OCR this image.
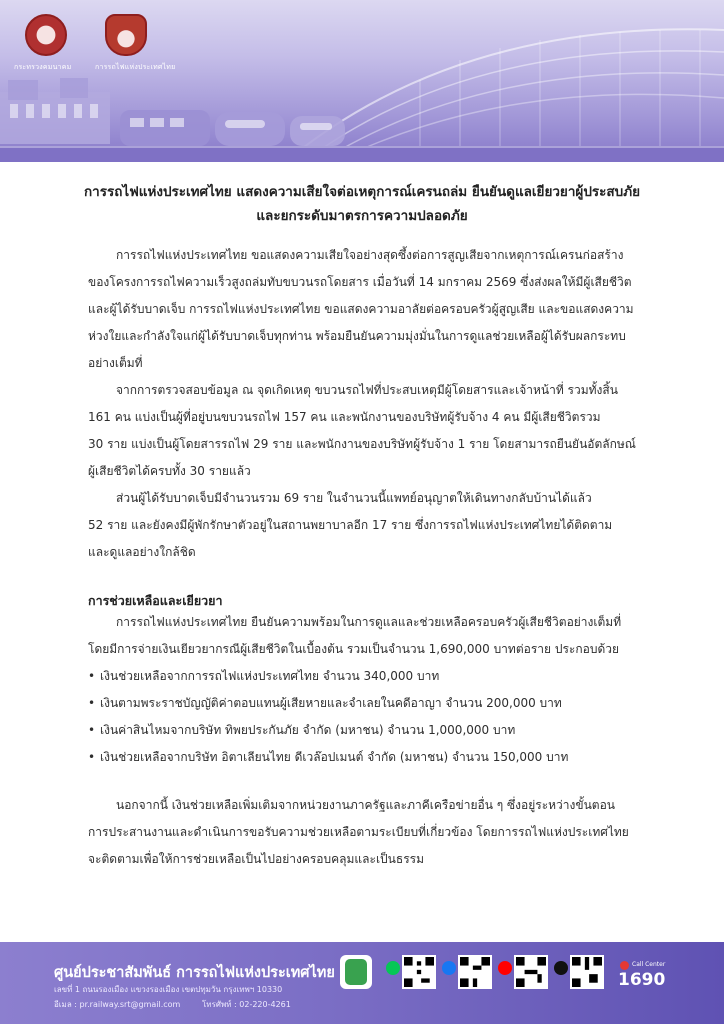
กระทรวงคมนาคม	การรถไฟแห่งประเทศไทย
การรถไฟแห่งประเทศไทย แสดงความเสียใจต่อเหตุการณ์เครนถล่ม ยืนยันดูแลเยียวยาผู้ประสบภัย
และยกระดับมาตรการความปลอดภัย
การรถไฟแห่งประเทศไทย ขอแสดงความเสียใจอย่างสุดซึ้งต่อการสูญเสียจากเหตุการณ์เครนก่อสร้าง
ของโครงการรถไฟความเร็วสูงถล่มทับขบวนรถโดยสาร เมื่อวันที่ 14 มกราคม 2569 ซึ่งส่งผลให้มีผู้เสียชีวิต
และผู้ได้รับบาดเจ็บ การรถไฟแห่งประเทศไทย ขอแสดงความอาลัยต่อครอบครัวผู้สูญเสีย และขอแสดงความ
ห่วงใยและกำลังใจแก่ผู้ได้รับบาดเจ็บทุกท่าน พร้อมยืนยันความมุ่งมั่นในการดูแลช่วยเหลือผู้ได้รับผลกระทบ
อย่างเต็มที่
จากการตรวจสอบข้อมูล ณ จุดเกิดเหตุ ขบวนรถไฟที่ประสบเหตุมีผู้โดยสารและเจ้าหน้าที่ รวมทั้งสิ้น
161 คน แบ่งเป็นผู้ที่อยู่บนขบวนรถไฟ 157 คน และพนักงานของบริษัทผู้รับจ้าง 4 คน มีผู้เสียชีวิตรวม
30 ราย แบ่งเป็นผู้โดยสารรถไฟ 29 ราย และพนักงานของบริษัทผู้รับจ้าง 1 ราย โดยสามารถยืนยันอัตลักษณ์
ผู้เสียชีวิตได้ครบทั้ง 30 รายแล้ว
ส่วนผู้ได้รับบาดเจ็บมีจำนวนรวม 69 ราย ในจำนวนนี้แพทย์อนุญาตให้เดินทางกลับบ้านได้แล้ว
52 ราย และยังคงมีผู้พักรักษาตัวอยู่ในสถานพยาบาลอีก 17 ราย ซึ่งการรถไฟแห่งประเทศไทยได้ติดตาม
และดูแลอย่างใกล้ชิด
การช่วยเหลือและเยียวยา
การรถไฟแห่งประเทศไทย ยืนยันความพร้อมในการดูแลและช่วยเหลือครอบครัวผู้เสียชีวิตอย่างเต็มที่
โดยมีการจ่ายเงินเยียวยากรณีผู้เสียชีวิตในเบื้องต้น รวมเป็นจำนวน 1,690,000 บาทต่อราย ประกอบด้วย
• เงินช่วยเหลือจากการรถไฟแห่งประเทศไทย จำนวน 340,000 บาท
• เงินตามพระราชบัญญัติค่าตอบแทนผู้เสียหายและจำเลยในคดีอาญา จำนวน 200,000 บาท
• เงินค่าสินไหมจากบริษัท ทิพยประกันภัย จำกัด (มหาชน) จำนวน 1,000,000 บาท
• เงินช่วยเหลือจากบริษัท อิตาเลียนไทย ดีเวล๊อปเมนต์ จำกัด (มหาชน) จำนวน 150,000 บาท
นอกจากนี้ เงินช่วยเหลือเพิ่มเติมจากหน่วยงานภาครัฐและภาคีเครือข่ายอื่น ๆ ซึ่งอยู่ระหว่างขั้นตอน
การประสานงานและดำเนินการขอรับความช่วยเหลือตามระเบียบที่เกี่ยวข้อง โดยการรถไฟแห่งประเทศไทย
จะติดตามเพื่อให้การช่วยเหลือเป็นไปอย่างครอบคลุมและเป็นธรรม
ศูนย์ประชาสัมพันธ์ การรถไฟแห่งประเทศไทย
เลขที่ 1 ถนนรองเมือง แขวงรองเมือง เขตปทุมวัน กรุงเทพฯ 10330
อีเมล : pr.railway.srt@gmail.com	โทรศัพท์ : 02-220-4261
Call Center
1690
